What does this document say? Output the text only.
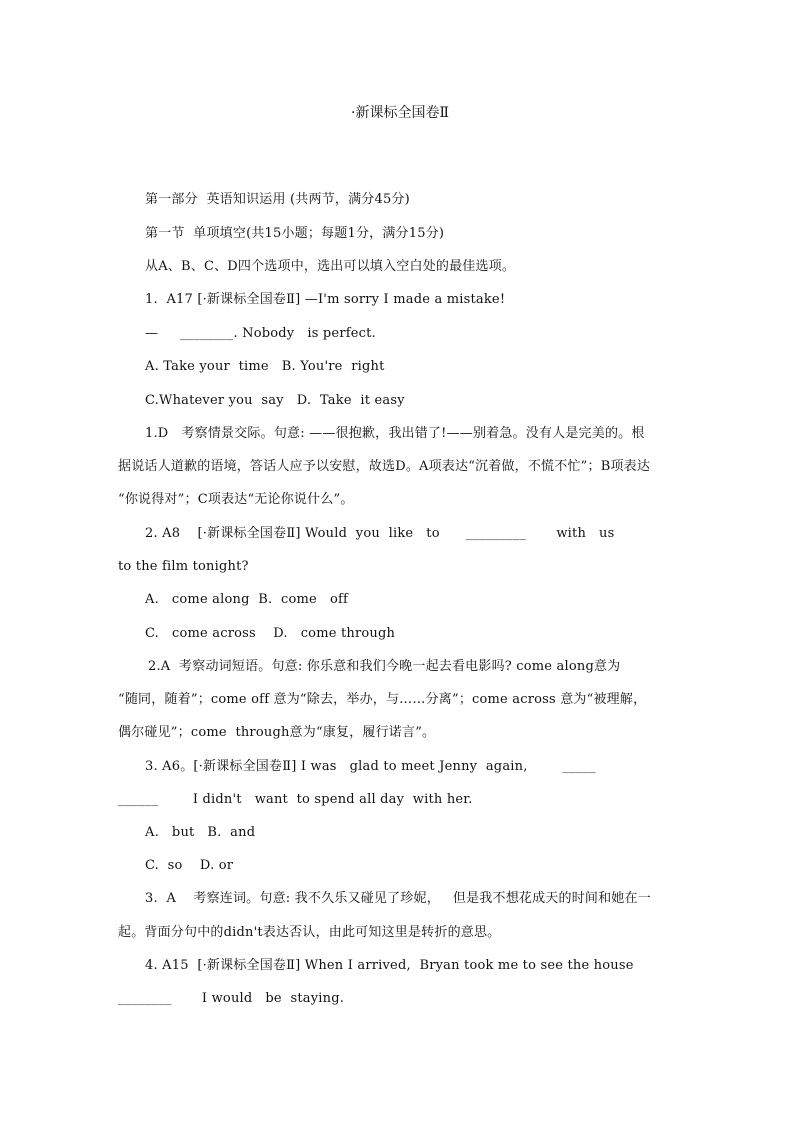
·新课标全国卷Ⅱ
第一部分  英语知识运用 (共两节，满分45分)
第一节  单项填空(共15小题；每题1分，满分15分)
从A、B、C、D四个选项中，选出可以填入空白处的最佳选项。
1.  A17 [·新课标全国卷Ⅱ] —I'm sorry I made a mistake!
—     ________. Nobody   is perfect.
A. Take your  time   B. You're  right
C.Whatever you  say   D.  Take  it easy
1.D   考察情景交际。句意: ——很抱歉，我出错了!——别着急。没有人是完美的。根
据说话人道歉的语境，答话人应予以安慰，故选D。A项表达“沉着做，不慌不忙”；B项表达
“你说得对”；C项表达“无论你说什么”。
2. A8    [·新课标全国卷Ⅱ] Would  you  like   to      _________       with   us
to the film tonight?
A.   come along  B.  come   off
C.   come across    D.   come through
2.A  考察动词短语。句意: 你乐意和我们今晚一起去看电影吗? come along意为
“随同，随着”；come off 意为“除去，举办，与……分离”；come across 意为“被理解，
偶尔碰见”；come  through意为“康复，履行诺言”。
3. A6。[·新课标全国卷Ⅱ] I was   glad to meet Jenny  again,        _____
______        I didn't   want  to spend all day  with her.
A.   but   B.  and
C.  so    D. or
3.  A    考察连词。句意: 我不久乐又碰见了珍妮，   但是我不想花成天的时间和她在一
起。背面分句中的didn't表达否认，由此可知这里是转折的意思。
4. A15  [·新课标全国卷Ⅱ] When I arrived,  Bryan took me to see the house
________       I would   be  staying.
